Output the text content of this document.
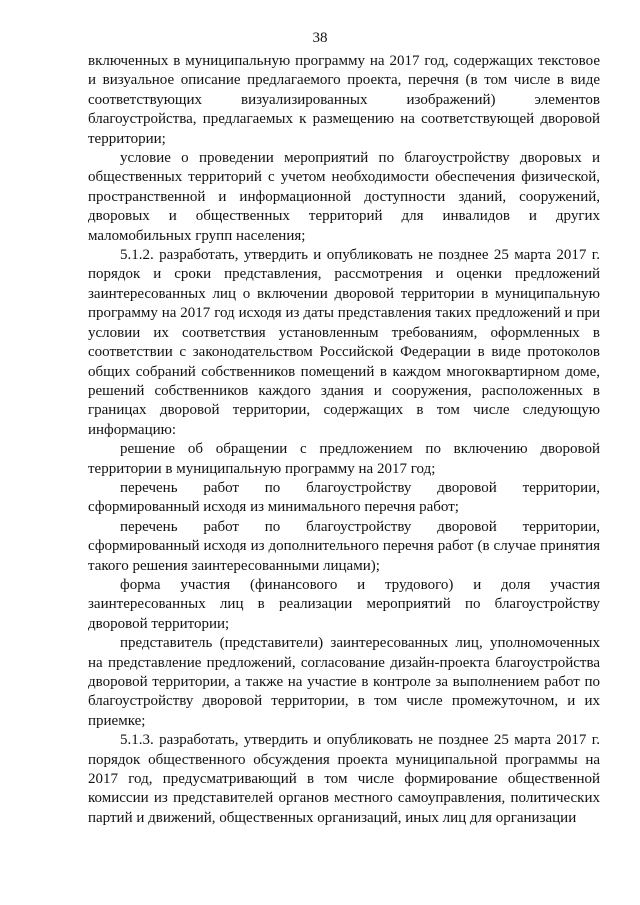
38

включенных в муниципальную программу на 2017 год, содержащих текстовое и визуальное описание предлагаемого проекта, перечня (в том числе в виде соответствующих визуализированных изображений) элементов благоустройства, предлагаемых к размещению на соответствующей дворовой территории;

условие о проведении мероприятий по благоустройству дворовых и общественных территорий с учетом необходимости обеспечения физической, пространственной и информационной доступности зданий, сооружений, дворовых и общественных территорий для инвалидов и других маломобильных групп населения;

5.1.2. разработать, утвердить и опубликовать не позднее 25 марта 2017 г. порядок и сроки представления, рассмотрения и оценки предложений заинтересованных лиц о включении дворовой территории в муниципальную программу на 2017 год исходя из даты представления таких предложений и при условии их соответствия установленным требованиям, оформленных в соответствии с законодательством Российской Федерации в виде протоколов общих собраний собственников помещений в каждом многоквартирном доме, решений собственников каждого здания и сооружения, расположенных в границах дворовой территории, содержащих в том числе следующую информацию:

решение об обращении с предложением по включению дворовой территории в муниципальную программу на 2017 год;

перечень работ по благоустройству дворовой территории, сформированный исходя из минимального перечня работ;

перечень работ по благоустройству дворовой территории, сформированный исходя из дополнительного перечня работ (в случае принятия такого решения заинтересованными лицами);

форма участия (финансового и трудового) и доля участия заинтересованных лиц в реализации мероприятий по благоустройству дворовой территории;

представитель (представители) заинтересованных лиц, уполномоченных на представление предложений, согласование дизайн-проекта благоустройства дворовой территории, а также на участие в контроле за выполнением работ по благоустройству дворовой территории, в том числе промежуточном, и их приемке;

5.1.3. разработать, утвердить и опубликовать не позднее 25 марта 2017 г. порядок общественного обсуждения проекта муниципальной программы на 2017 год, предусматривающий в том числе формирование общественной комиссии из представителей органов местного самоуправления, политических партий и движений, общественных организаций, иных лиц для организации
